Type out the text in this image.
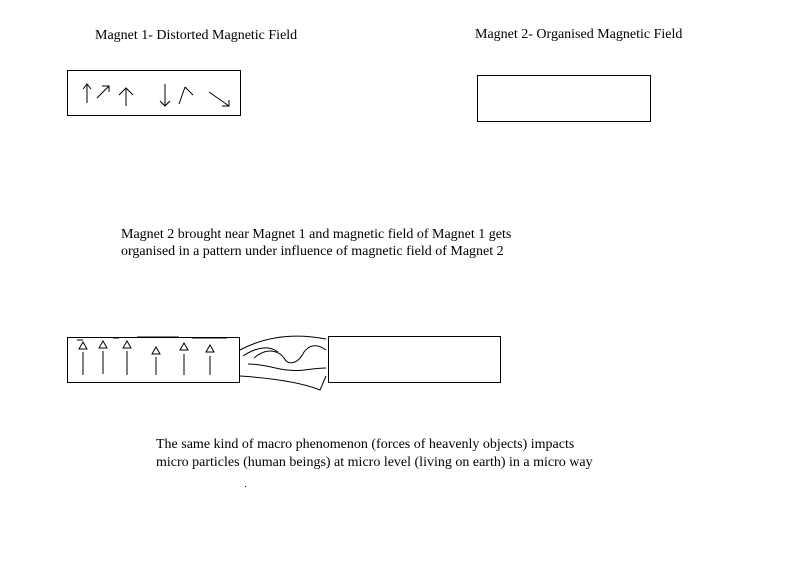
Magnet 1- Distorted Magnetic Field	Magnet 2- Organised Magnetic Field
Magnet 2 brought near Magnet 1 and magnetic field of Magnet 1 gets
organised in a pattern under influence of magnetic field of Magnet 2
The same kind of macro phenomenon (forces of heavenly objects) impacts
micro particles (human beings) at micro level (living on earth) in a micro way
